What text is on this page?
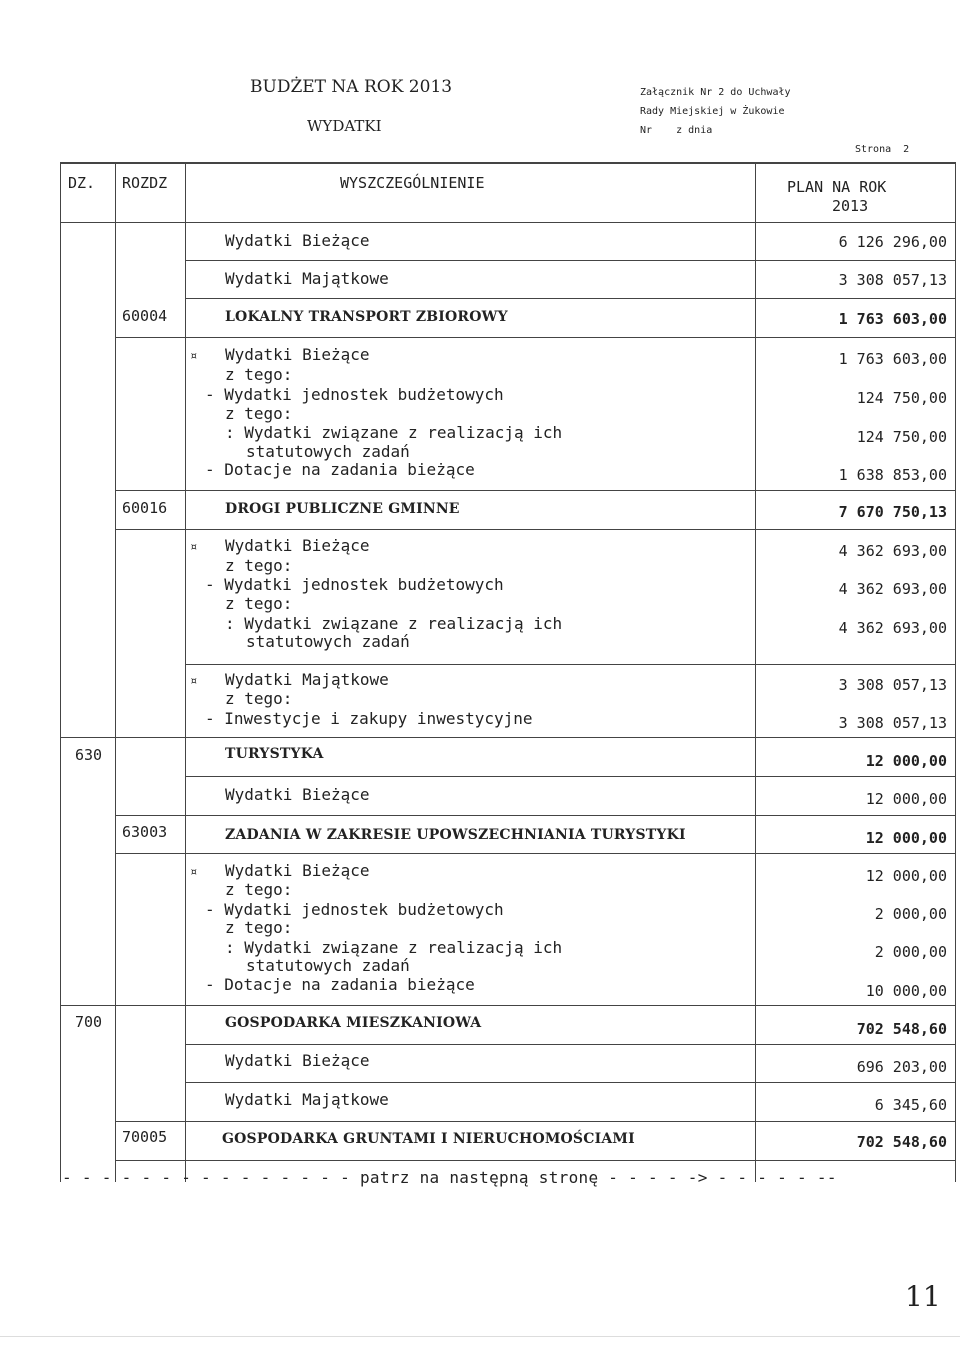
BUDŻET NA ROK 2013
WYDATKI
Załącznik Nr 2 do Uchwały
Rady Miejskiej w Żukowie
Nr    z dnia
Strona  2
DZ. ROZDZ	WYSZCZEGÓLNIENIE	PLAN NA ROK
2013
Wydatki Bieżące	6 126 296,00
Wydatki Majątkowe	3 308 057,13
60004	LOKALNY TRANSPORT ZBIOROWY	1 763 603,00
¤ Wydatki Bieżące	1 763 603,00
z tego:
- Wydatki jednostek budżetowych	124 750,00
z tego:
: Wydatki związane z realizacją ich	124 750,00
statutowych zadań
- Dotacje na zadania bieżące	1 638 853,00
60016	DROGI PUBLICZNE GMINNE	7 670 750,13
¤ Wydatki Bieżące	4 362 693,00
z tego:
- Wydatki jednostek budżetowych	4 362 693,00
z tego:
: Wydatki związane z realizacją ich	4 362 693,00
statutowych zadań
¤ Wydatki Majątkowe	3 308 057,13
z tego:
- Inwestycje i zakupy inwestycyjne	3 308 057,13
630	TURYSTYKA	12 000,00
Wydatki Bieżące	12 000,00
63003	ZADANIA W ZAKRESIE UPOWSZECHNIANIA TURYSTYKI	12 000,00
¤ Wydatki Bieżące	12 000,00
z tego:
- Wydatki jednostek budżetowych	2 000,00
z tego:
: Wydatki związane z realizacją ich	2 000,00
statutowych zadań
- Dotacje na zadania bieżące	10 000,00
700	GOSPODARKA MIESZKANIOWA	702 548,60
Wydatki Bieżące	696 203,00
Wydatki Majątkowe	6 345,60
70005	GOSPODARKA GRUNTAMI I NIERUCHOMOŚCIAMI	702 548,60
- - - - - - - - - - - - - - - patrz na następną stronę - - - - -> - - - - - --
11
